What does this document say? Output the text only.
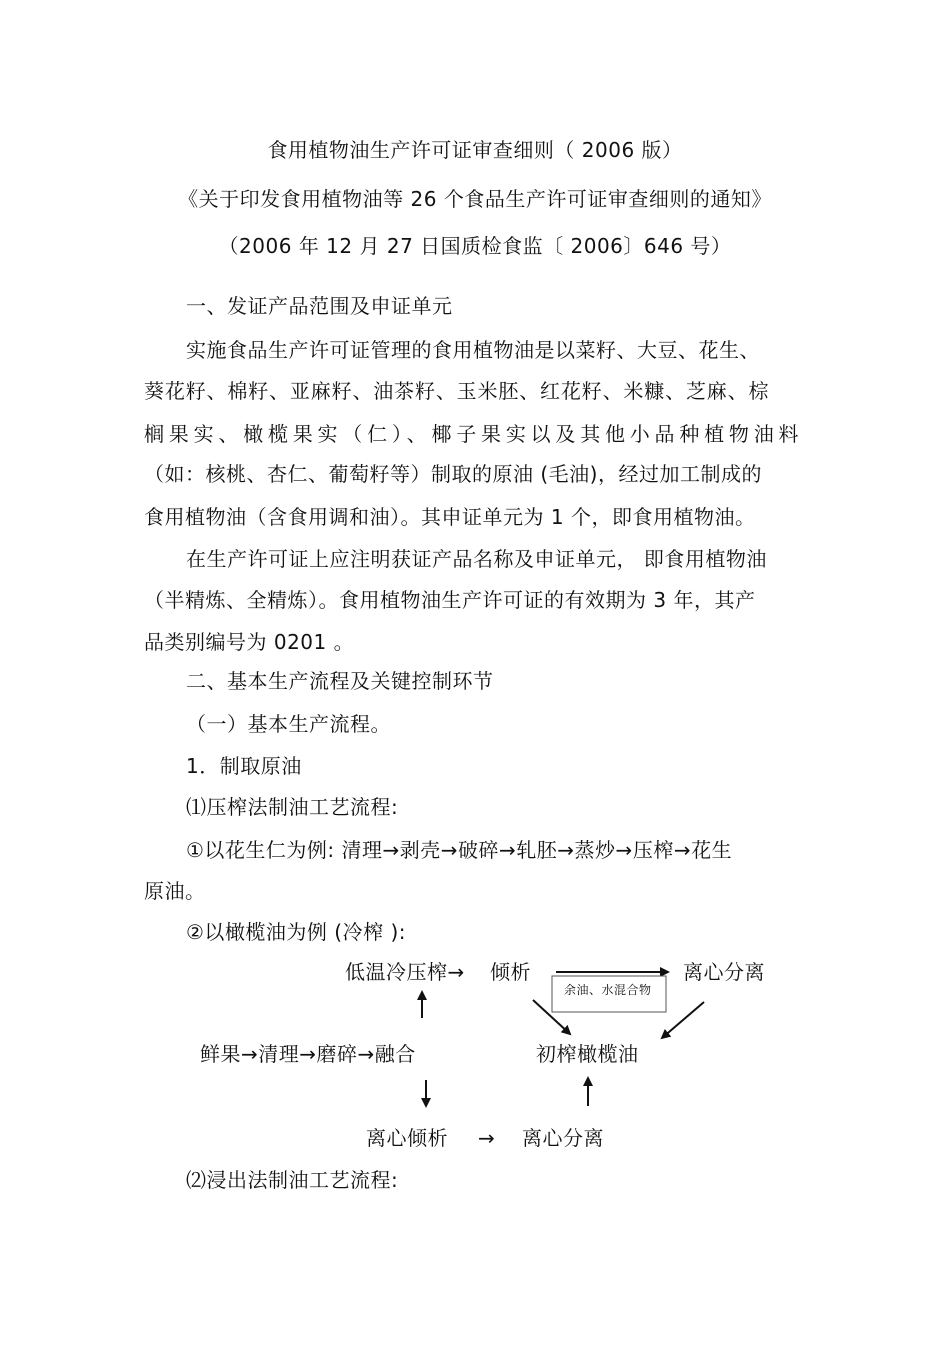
食用植物油生产许可证审查细则（ 2006 版）
《关于印发食用植物油等 26 个食品生产许可证审查细则的通知》
（2006 年 12 月 27 日国质检食监〔 2006〕646 号）
一、发证产品范围及申证单元
实施食品生产许可证管理的食用植物油是以菜籽、大豆、花生、
葵花籽、棉籽、亚麻籽、油茶籽、玉米胚、红花籽、米糠、芝麻、棕
榈果实、橄榄果实（仁）、椰子果实以及其他小品种植物油料
（如：核桃、杏仁、葡萄籽等）制取的原油 (毛油)，经过加工制成的
食用植物油（含食用调和油）。其申证单元为 1 个，即食用植物油。
在生产许可证上应注明获证产品名称及申证单元， 即食用植物油
（半精炼、全精炼）。食用植物油生产许可证的有效期为 3 年，其产
品类别编号为 0201 。
二、基本生产流程及关键控制环节
（一）基本生产流程。
1．制取原油
⑴压榨法制油工艺流程:
①以花生仁为例: 清理→剥壳→破碎→轧胚→蒸炒→压榨→花生
原油。
②以橄榄油为例 (冷榨 ):
低温冷压榨→ 倾析	离心分离
余油、水混合物
鲜果→清理→磨碎→融合	初榨橄榄油
离心倾析 → 离心分离
⑵浸出法制油工艺流程:
